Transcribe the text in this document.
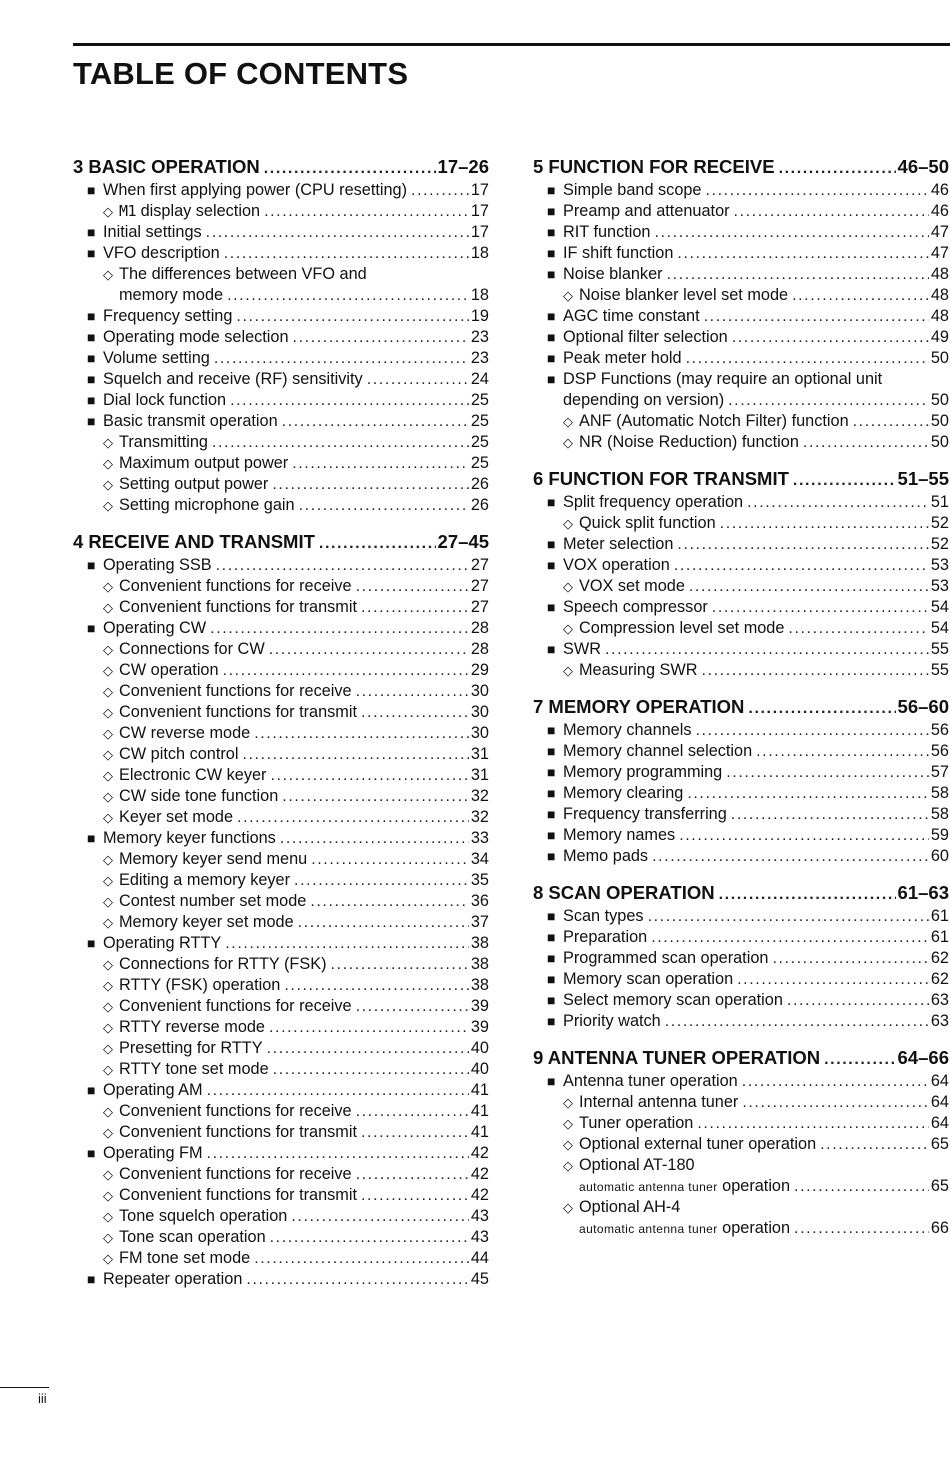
TABLE OF CONTENTS
3 BASIC OPERATION .....	17–26
■ When first applying power (CPU resetting) .....	17
◇ M1 display selection .....	17
■ Initial settings .....	17
■ VFO description .....	18
◇ The differences between VFO and
memory mode .....	18
■ Frequency setting .....	19
■ Operating mode selection .....	23
■ Volume setting .....	23
■ Squelch and receive (RF) sensitivity .....	24
■ Dial lock function .....	25
■ Basic transmit operation .....	25
◇ Transmitting .....	25
◇ Maximum output power .....	25
◇ Setting output power .....	26
◇ Setting microphone gain .....	26
4 RECEIVE AND TRANSMIT .....	27–45
■ Operating SSB .....	27
◇ Convenient functions for receive .....	27
◇ Convenient functions for transmit .....	27
■ Operating CW .....	28
◇ Connections for CW .....	28
◇ CW operation .....	29
◇ Convenient functions for receive .....	30
◇ Convenient functions for transmit .....	30
◇ CW reverse mode .....	30
◇ CW pitch control .....	31
◇ Electronic CW keyer .....	31
◇ CW side tone function .....	32
◇ Keyer set mode .....	32
■ Memory keyer functions .....	33
◇ Memory keyer send menu .....	34
◇ Editing a memory keyer .....	35
◇ Contest number set mode .....	36
◇ Memory keyer set mode .....	37
■ Operating RTTY .....	38
◇ Connections for RTTY (FSK) .....	38
◇ RTTY (FSK) operation .....	38
◇ Convenient functions for receive .....	39
◇ RTTY reverse mode .....	39
◇ Presetting for RTTY .....	40
◇ RTTY tone set mode .....	40
■ Operating AM .....	41
◇ Convenient functions for receive .....	41
◇ Convenient functions for transmit .....	41
■ Operating FM .....	42
◇ Convenient functions for receive .....	42
◇ Convenient functions for transmit .....	42
◇ Tone squelch operation .....	43
◇ Tone scan operation .....	43
◇ FM tone set mode .....	44
■ Repeater operation .....	45
5 FUNCTION FOR RECEIVE .....	46–50
■ Simple band scope .....	46
■ Preamp and attenuator .....	46
■ RIT function .....	47
■ IF shift function .....	47
■ Noise blanker .....	48
◇ Noise blanker level set mode .....	48
■ AGC time constant .....	48
■ Optional filter selection .....	49
■ Peak meter hold .....	50
■ DSP Functions (may require an optional unit
depending on version) .....	50
◇ ANF (Automatic Notch Filter) function .....	50
◇ NR (Noise Reduction) function .....	50
6 FUNCTION FOR TRANSMIT .....	51–55
■ Split frequency operation .....	51
◇ Quick split function .....	52
■ Meter selection .....	52
■ VOX operation .....	53
◇ VOX set mode .....	53
■ Speech compressor .....	54
◇ Compression level set mode .....	54
■ SWR .....	55
◇ Measuring SWR .....	55
7 MEMORY OPERATION .....	56–60
■ Memory channels .....	56
■ Memory channel selection .....	56
■ Memory programming .....	57
■ Memory clearing .....	58
■ Frequency transferring .....	58
■ Memory names .....	59
■ Memo pads .....	60
8 SCAN OPERATION .....	61–63
■ Scan types .....	61
■ Preparation .....	61
■ Programmed scan operation .....	62
■ Memory scan operation .....	62
■ Select memory scan operation .....	63
■ Priority watch .....	63
9 ANTENNA TUNER OPERATION .....	64–66
■ Antenna tuner operation .....	64
◇ Internal antenna tuner .....	64
◇ Tuner operation .....	64
◇ Optional external tuner operation .....	65
◇ Optional AT-180
automatic antenna tuner operation .....	65
◇ Optional AH-4
automatic antenna tuner operation .....	66
iii
